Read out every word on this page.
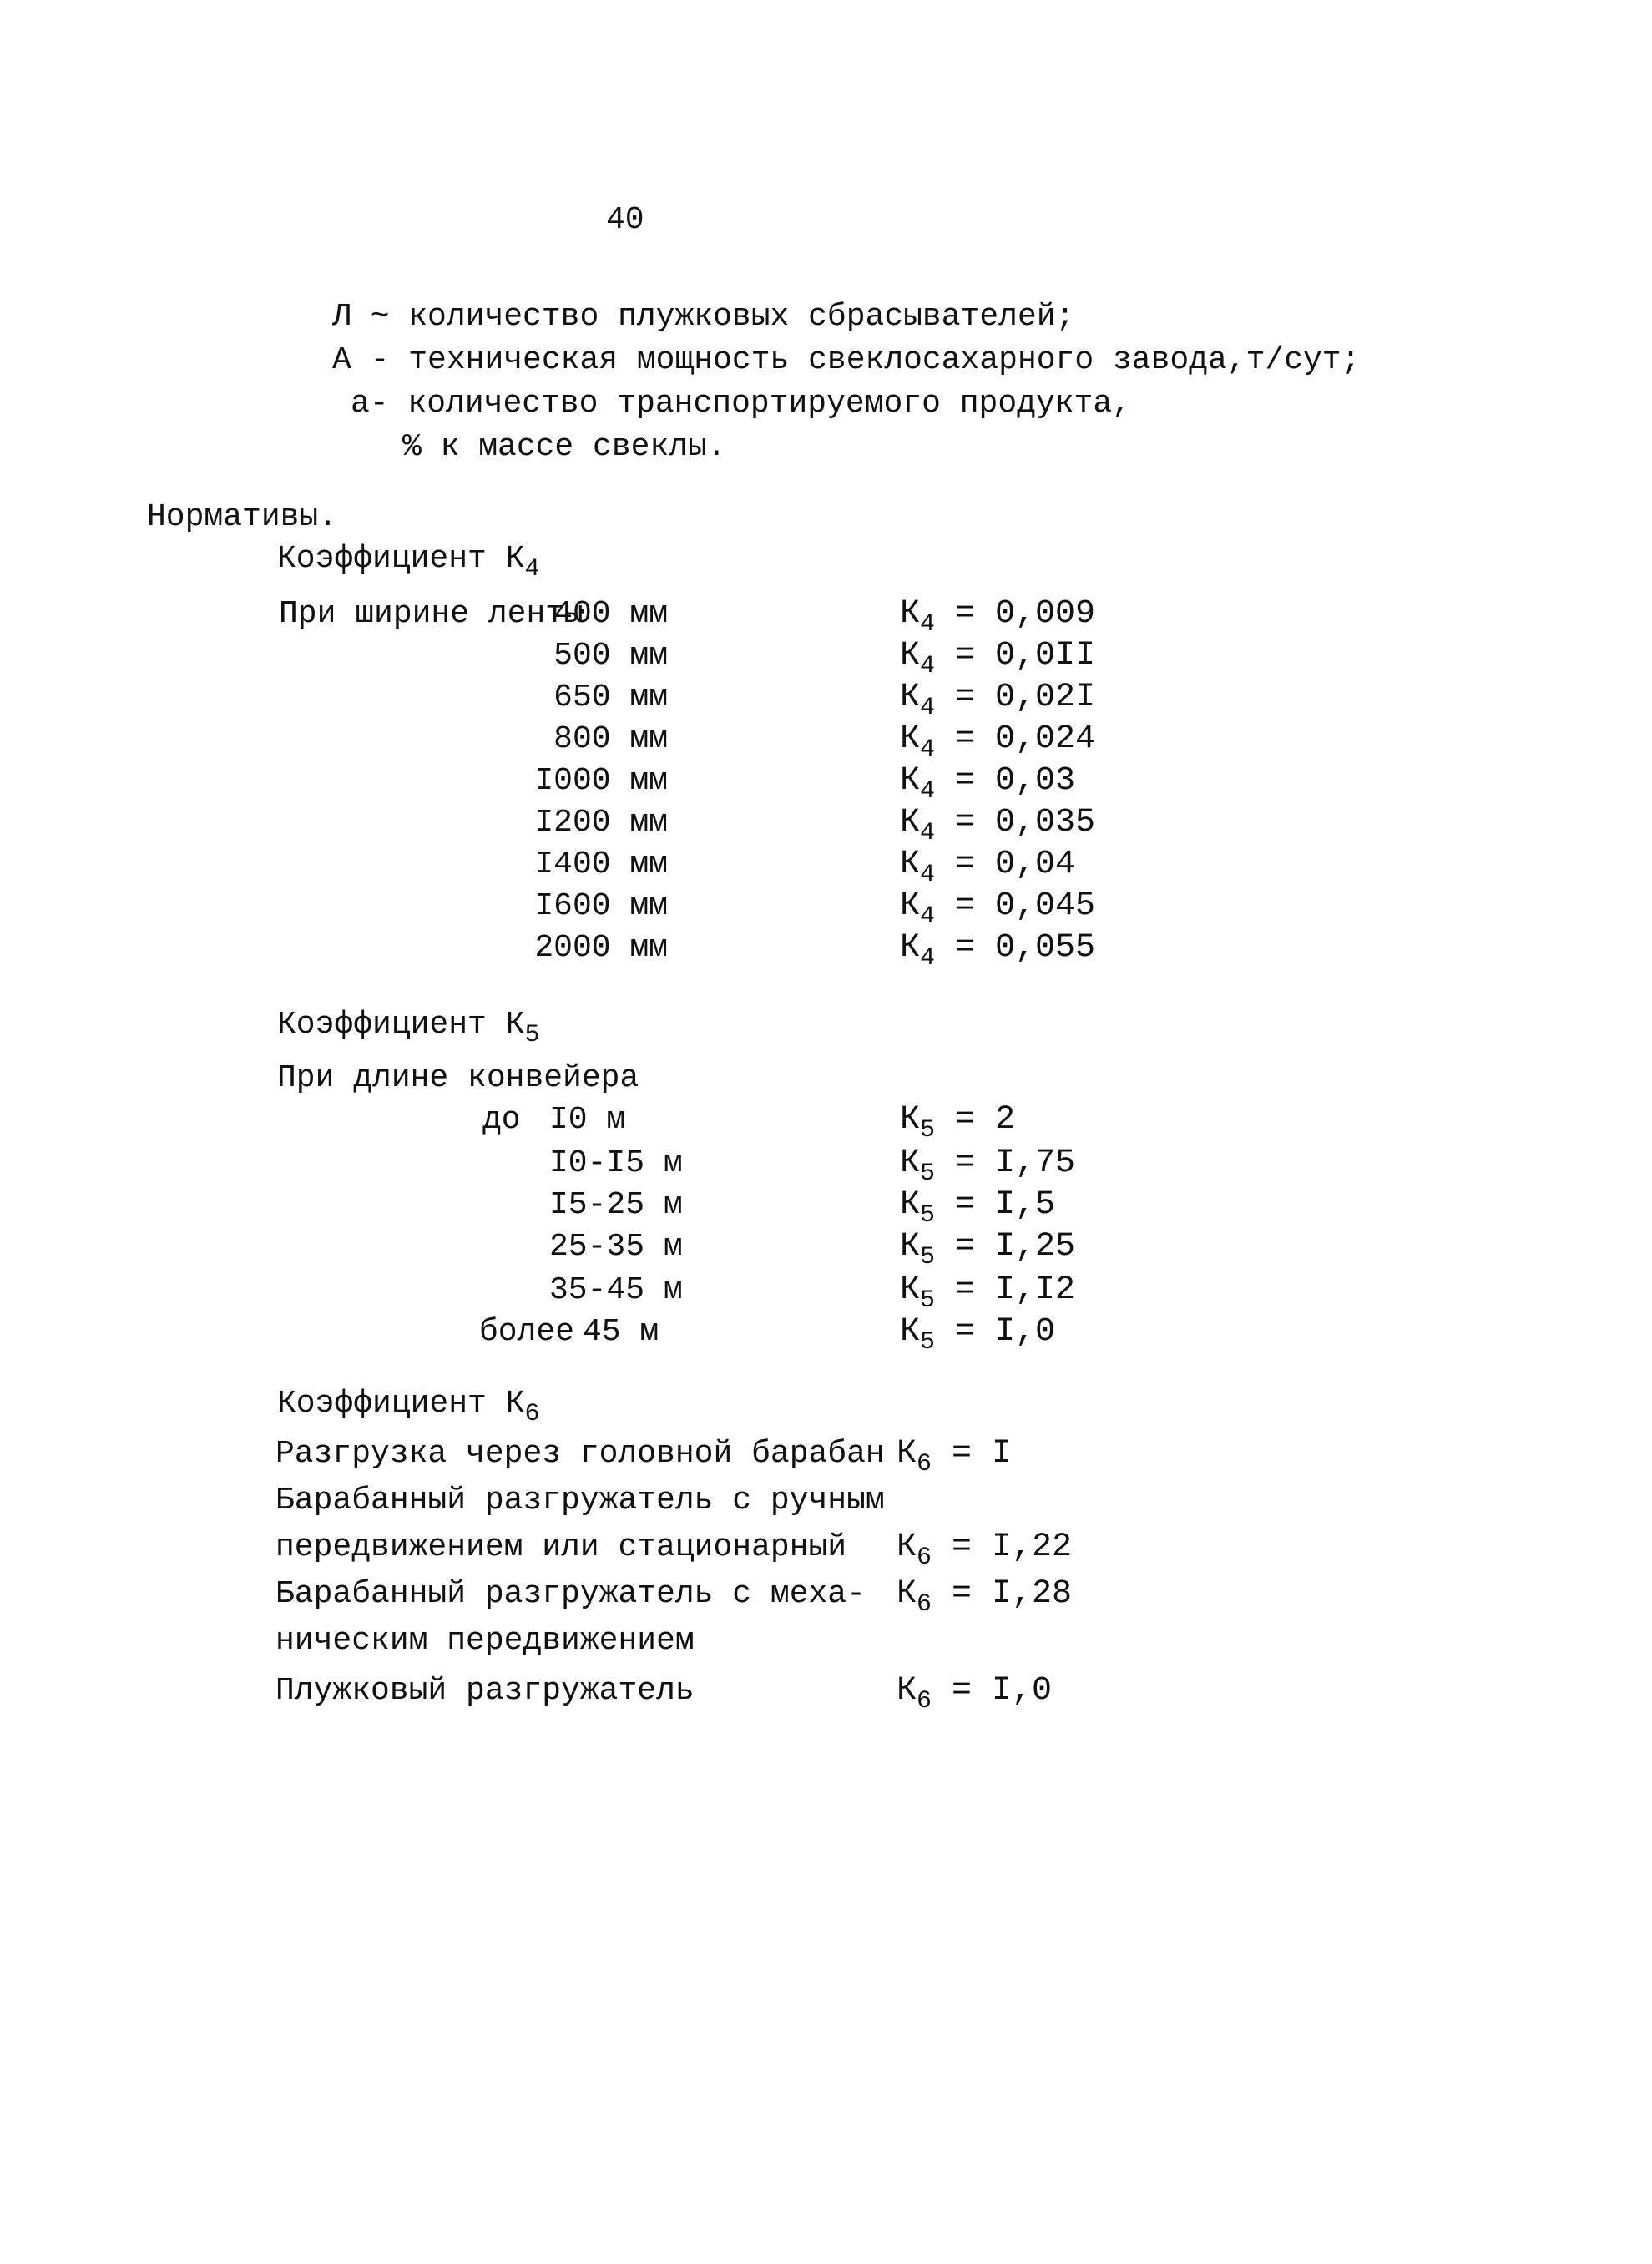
40
Л ~ количество плужковых сбрасывателей;
А - техническая мощность свеклосахарного завода,т/сут;
а- количество транспортируемого продукта,
% к массе свеклы.
Нормативы.
Коэффициент $К_4$
При ширине ленты
Коэффициент $К_5$
При длине конвейера
Коэффициент $К_6$
400 мм	$К_4 = 0,009$
500 мм	$К_4 = 0,0II$
650 мм	$К_4 = 0,02I$
800 мм	$К_4 = 0,024$
I000 мм	$К_4 = 0,03$
I200 мм	$К_4 = 0,035$
I400 мм	$К_4 = 0,04$
I600 мм	$К_4 = 0,045$
2000 мм	$К_4 = 0,055$
до I0 м	$К_5 = 2$
I0-I5 м	$К_5 = I,75$
I5-25 м	$К_5 = I,5$
25-35 м	$К_5 = I,25$
35-45 м	$К_5 = I,I2$
более 45 м	$К_5 = I,0$
Разгрузка через головной барабан $К_6 = I$
Барабанный разгружатель с ручным
передвижением или стационарный $К_6 = I,22$
Барабанный разгружатель с меха-
ническим передвижением
$К_6 = I,28$
Плужковый разгружатель	$К_6 = I,0$
